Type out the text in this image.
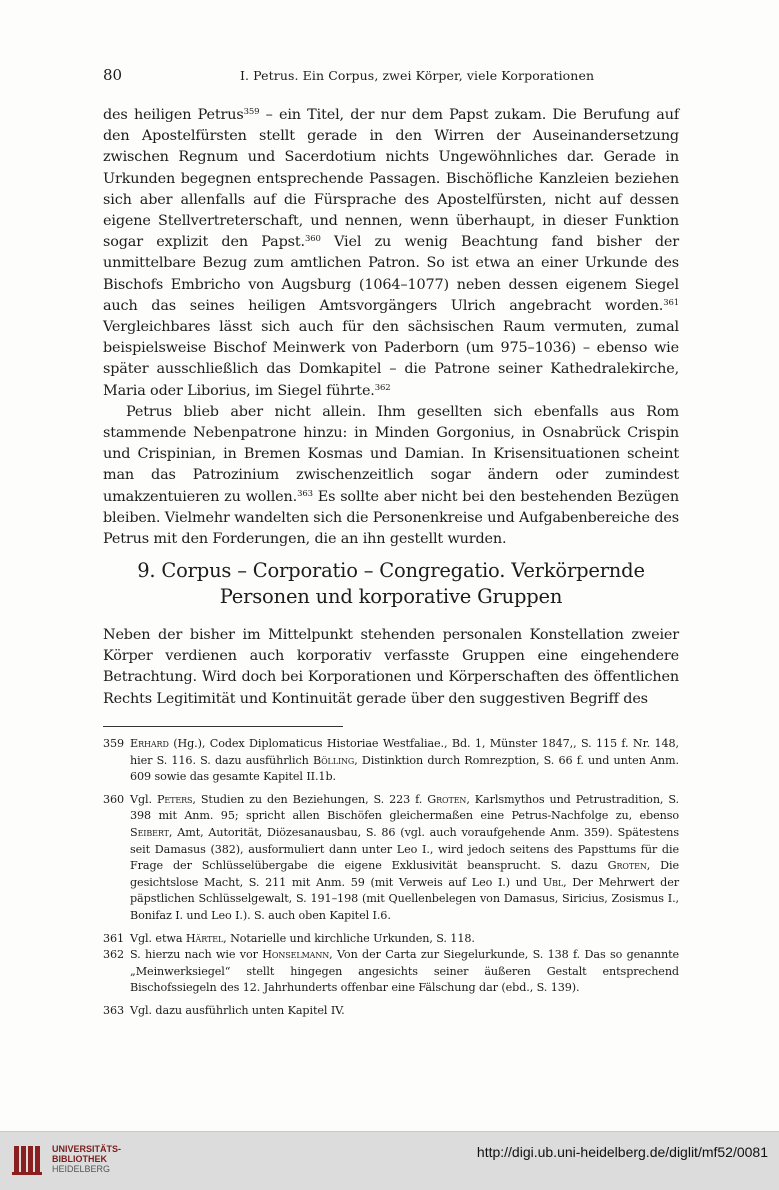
80	I. Petrus. Ein Corpus, zwei Körper, viele Korporationen

des heiligen Petrus$^{359}$ – ein Titel, der nur dem Papst zukam. Die Berufung auf den Apostelfürsten stellt gerade in den Wirren der Auseinandersetzung zwischen Regnum und Sacerdotium nichts Ungewöhnliches dar. Gerade in Urkunden begegnen entsprechende Passagen. Bischöfliche Kanzleien beziehen sich aber allenfalls auf die Fürsprache des Apostelfürsten, nicht auf dessen eigene Stellvertreterschaft, und nennen, wenn überhaupt, in dieser Funktion sogar explizit den Papst.$^{360}$ Viel zu wenig Beachtung fand bisher der unmittelbare Bezug zum amtlichen Patron. So ist etwa an einer Urkunde des Bischofs Embricho von Augsburg (1064–1077) neben dessen eigenem Siegel auch das seines heiligen Amtsvorgängers Ulrich angebracht worden.$^{361}$ Vergleichbares lässt sich auch für den sächsischen Raum vermuten, zumal beispielsweise Bischof Meinwerk von Paderborn (um 975–1036) – ebenso wie später ausschließlich das Domkapitel – die Patrone seiner Kathedralekirche, Maria oder Liborius, im Siegel führte.$^{362}$

Petrus blieb aber nicht allein. Ihm gesellten sich ebenfalls aus Rom stammende Nebenpatrone hinzu: in Minden Gorgonius, in Osnabrück Crispin und Crispinian, in Bremen Kosmas und Damian. In Krisensituationen scheint man das Patrozinium zwischenzeitlich sogar ändern oder zumindest umakzentuieren zu wollen.$^{363}$ Es sollte aber nicht bei den bestehenden Bezügen bleiben. Vielmehr wandelten sich die Personenkreise und Aufgabenbereiche des Petrus mit den Forderungen, die an ihn gestellt wurden.

9. Corpus – Corporatio – Congregatio. Verkörpernde
Personen und korporative Gruppen

Neben der bisher im Mittelpunkt stehenden personalen Konstellation zweier Körper verdienen auch korporativ verfasste Gruppen eine eingehendere Betrachtung. Wird doch bei Korporationen und Körperschaften des öffentlichen Rechts Legitimität und Kontinuität gerade über den suggestiven Begriff des

359 Erhard (Hg.), Codex Diplomaticus Historiae Westfaliae., Bd. 1, Münster 1847,, S. 115 f. Nr. 148, hier S. 116. S. dazu ausführlich Bölling, Distinktion durch Romrezption, S. 66 f. und unten Anm. 609 sowie das gesamte Kapitel II.1b.
360 Vgl. Peters, Studien zu den Beziehungen, S. 223 f. Groten, Karlsmythos und Petrustradition, S. 398 mit Anm. 95; spricht allen Bischöfen gleichermaßen eine Petrus-Nachfolge zu, ebenso Seibert, Amt, Autorität, Diözesanausbau, S. 86 (vgl. auch voraufgehende Anm. 359). Spätestens seit Damasus (382), ausformuliert dann unter Leo I., wird jedoch seitens des Papsttums für die Frage der Schlüsselübergabe die eigene Exklusivität beansprucht. S. dazu Groten, Die gesichtslose Macht, S. 211 mit Anm. 59 (mit Verweis auf Leo I.) und Ubl, Der Mehrwert der päpstlichen Schlüsselgewalt, S. 191–198 (mit Quellenbelegen von Damasus, Siricius, Zosismus I., Bonifaz I. und Leo I.). S. auch oben Kapitel I.6.
361 Vgl. etwa Härtel, Notarielle und kirchliche Urkunden, S. 118.
362 S. hierzu nach wie vor Honselmann, Von der Carta zur Siegelurkunde, S. 138 f. Das so genannte „Meinwerksiegel“ stellt hingegen angesichts seiner äußeren Gestalt entsprechend Bischofssiegeln des 12. Jahrhunderts offenbar eine Fälschung dar (ebd., S. 139).
363 Vgl. dazu ausführlich unten Kapitel IV.
UNIVERSITÄTS-
BIBLIOTHEK
HEIDELBERG
http://digi.ub.uni-heidelberg.de/diglit/mf52/0081
